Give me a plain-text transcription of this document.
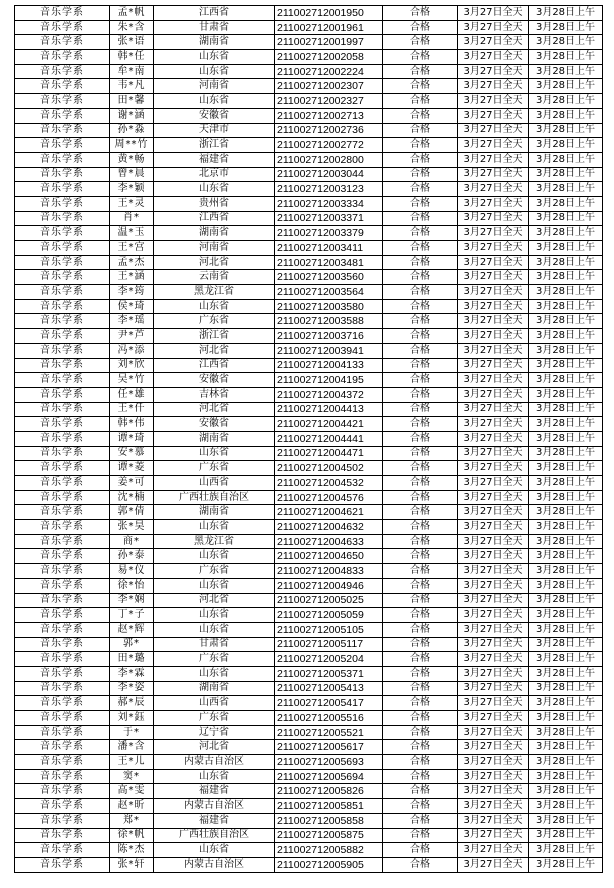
音乐学系	孟*帆	江西省	211002712001950	合格	3月27日全天	3月28日上午
音乐学系	朱*含	甘肃省	211002712001961	合格	3月27日全天	3月28日上午
音乐学系	张*语	湖南省	211002712001997	合格	3月27日全天	3月28日上午
音乐学系	韩*任	山东省	211002712002058	合格	3月27日全天	3月28日上午
音乐学系	牟*南	山东省	211002712002224	合格	3月27日全天	3月28日上午
音乐学系	韦*凡	河南省	211002712002307	合格	3月27日全天	3月28日上午
音乐学系	田*馨	山东省	211002712002327	合格	3月27日全天	3月28日上午
音乐学系	谢*涵	安徽省	211002712002713	合格	3月27日全天	3月28日上午
音乐学系	孙*淼	天津市	211002712002736	合格	3月27日全天	3月28日上午
音乐学系	周**竹	浙江省	211002712002772	合格	3月27日全天	3月28日上午
音乐学系	黄*畅	福建省	211002712002800	合格	3月27日全天	3月28日上午
音乐学系	曾*晨	北京市	211002712003044	合格	3月27日全天	3月28日上午
音乐学系	李*颖	山东省	211002712003123	合格	3月27日全天	3月28日上午
音乐学系	王*灵	贵州省	211002712003334	合格	3月27日全天	3月28日上午
音乐学系	肖*	江西省	211002712003371	合格	3月27日全天	3月28日上午
音乐学系	温*玉	湖南省	211002712003379	合格	3月27日全天	3月28日上午
音乐学系	王*宫	河南省	211002712003411	合格	3月27日全天	3月28日上午
音乐学系	孟*杰	河北省	211002712003481	合格	3月27日全天	3月28日上午
音乐学系	王*涵	云南省	211002712003560	合格	3月27日全天	3月28日上午
音乐学系	李*筠	黑龙江省	211002712003564	合格	3月27日全天	3月28日上午
音乐学系	侯*琦	山东省	211002712003580	合格	3月27日全天	3月28日上午
音乐学系	李*瑶	广东省	211002712003588	合格	3月27日全天	3月28日上午
音乐学系	尹*芦	浙江省	211002712003716	合格	3月27日全天	3月28日上午
音乐学系	冯*添	河北省	211002712003941	合格	3月27日全天	3月28日上午
音乐学系	刘*欣	江西省	211002712004133	合格	3月27日全天	3月28日上午
音乐学系	吴*竹	安徽省	211002712004195	合格	3月27日全天	3月28日上午
音乐学系	任*雄	吉林省	211002712004372	合格	3月27日全天	3月28日上午
音乐学系	王*仟	河北省	211002712004413	合格	3月27日全天	3月28日上午
音乐学系	韩*伟	安徽省	211002712004421	合格	3月27日全天	3月28日上午
音乐学系	谭*琦	湖南省	211002712004441	合格	3月27日全天	3月28日上午
音乐学系	安*慕	山东省	211002712004471	合格	3月27日全天	3月28日上午
音乐学系	谭*菱	广东省	211002712004502	合格	3月27日全天	3月28日上午
音乐学系	姜*可	山西省	211002712004532	合格	3月27日全天	3月28日上午
音乐学系	沈*楠	广西壮族自治区	211002712004576	合格	3月27日全天	3月28日上午
音乐学系	郭*倩	湖南省	211002712004621	合格	3月27日全天	3月28日上午
音乐学系	张*昊	山东省	211002712004632	合格	3月27日全天	3月28日上午
音乐学系	商*	黑龙江省	211002712004633	合格	3月27日全天	3月28日上午
音乐学系	孙*泰	山东省	211002712004650	合格	3月27日全天	3月28日上午
音乐学系	易*仪	广东省	211002712004833	合格	3月27日全天	3月28日上午
音乐学系	徐*怡	山东省	211002712004946	合格	3月27日全天	3月28日上午
音乐学系	李*娴	河北省	211002712005025	合格	3月27日全天	3月28日上午
音乐学系	丁*子	山东省	211002712005059	合格	3月27日全天	3月28日上午
音乐学系	赵*辉	山东省	211002712005105	合格	3月27日全天	3月28日上午
音乐学系	郭*	甘肃省	211002712005117	合格	3月27日全天	3月28日上午
音乐学系	田*璐	广东省	211002712005204	合格	3月27日全天	3月28日上午
音乐学系	李*霖	山东省	211002712005371	合格	3月27日全天	3月28日上午
音乐学系	李*姿	湖南省	211002712005413	合格	3月27日全天	3月28日上午
音乐学系	郝*辰	山西省	211002712005417	合格	3月27日全天	3月28日上午
音乐学系	刘*鈺	广东省	211002712005516	合格	3月27日全天	3月28日上午
音乐学系	于*	辽宁省	211002712005521	合格	3月27日全天	3月28日上午
音乐学系	潘*含	河北省	211002712005617	合格	3月27日全天	3月28日上午
音乐学系	王*儿	内蒙古自治区	211002712005693	合格	3月27日全天	3月28日上午
音乐学系	窦*	山东省	211002712005694	合格	3月27日全天	3月28日上午
音乐学系	高*雯	福建省	211002712005826	合格	3月27日全天	3月28日上午
音乐学系	赵*昕	内蒙古自治区	211002712005851	合格	3月27日全天	3月28日上午
音乐学系	郑*	福建省	211002712005858	合格	3月27日全天	3月28日上午
音乐学系	徐*帆	广西壮族自治区	211002712005875	合格	3月27日全天	3月28日上午
音乐学系	陈*杰	山东省	211002712005882	合格	3月27日全天	3月28日上午
音乐学系	张*轩	内蒙古自治区	211002712005905	合格	3月27日全天	3月28日上午
